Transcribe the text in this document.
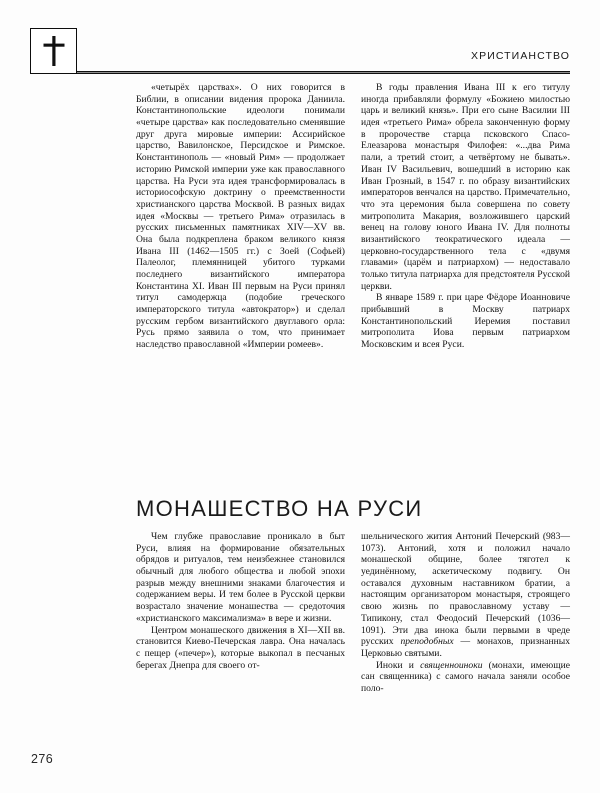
ХРИСТИАНСТВО

«четырёх царствах». О них говорится в Библии, в описании видения пророка Даниила. Константинопольские идеологи понимали «четыре царства» как последовательно сменявшие друг друга мировые империи: Ассирийское царство, Вавилонское, Персидское и Римское. Константинополь — «новый Рим» — продолжает историю Римской империи уже как православного царства. На Руси эта идея трансформировалась в историософскую доктрину о преемственности христианского царства Москвой. В разных видах идея «Москвы — третьего Рима» отразилась в русских письменных памятниках XIV—XV вв. Она была подкреплена браком великого князя Ивана III (1462—1505 гг.) с Зоей (Софьей) Палеолог, племянницей убитого турками последнего византийского императора Константина XI. Иван III первым на Руси принял титул самодержца (подобие греческого императорского титула «автократор») и сделал русским гербом византийского двуглавого орла: Русь прямо заявила о том, что принимает наследство православной «Империи ромеев».

В годы правления Ивана III к его титулу иногда прибавляли формулу «Божиею милостью царь и великий князь». При его сыне Василии III идея «третьего Рима» обрела законченную форму в пророчестве старца псковского Спасо-Елеазарова монастыря Филофея: «...два Рима пали, а третий стоит, а четвёртому не бывать». Иван IV Васильевич, вошедший в историю как Иван Грозный, в 1547 г. по образу византийских императоров венчался на царство. Примечательно, что эта церемония была совершена по совету митрополита Макария, возложившего царский венец на голову юного Ивана IV. Для полноты византийского теократического идеала — церковно-государственного тела с «двумя главами» (царём и патриархом) — недоставало только титула патриарха для предстоятеля Русской церкви.

В январе 1589 г. при царе Фёдоре Иоанновиче прибывший в Москву патриарх Константинопольский Иеремия поставил митрополита Иова первым патриархом Московским и всея Руси.

МОНАШЕСТВО НА РУСИ

Чем глубже православие проникало в быт Руси, влияя на формирование обязательных обрядов и ритуалов, тем неизбежнее становился обычный для любого общества и любой эпохи разрыв между внешними знаками благочестия и содержанием веры. И тем более в Русской церкви возрастало значение монашества — средоточия «христианского максимализма» в вере и жизни.

Центром монашеского движения в XI—XII вв. становится Киево-Печерская лавра. Она началась с пещер («печер»), которые выкопал в песчаных берегах Днепра для своего от-

шельнического жития Антоний Печерский (983—1073). Антоний, хотя и положил начало монашеской общине, более тяготел к уединённому, аскетическому подвигу. Он оставался духовным наставником братии, а настоящим организатором монастыря, строящего свою жизнь по православному уставу — Типикону, стал Феодосий Печерский (1036—1091). Эти два инока были первыми в чреде русских преподобных — монахов, признанных Церковью святыми.

Иноки и священноиноки (монахи, имеющие сан священника) с самого начала заняли особое поло-

276
